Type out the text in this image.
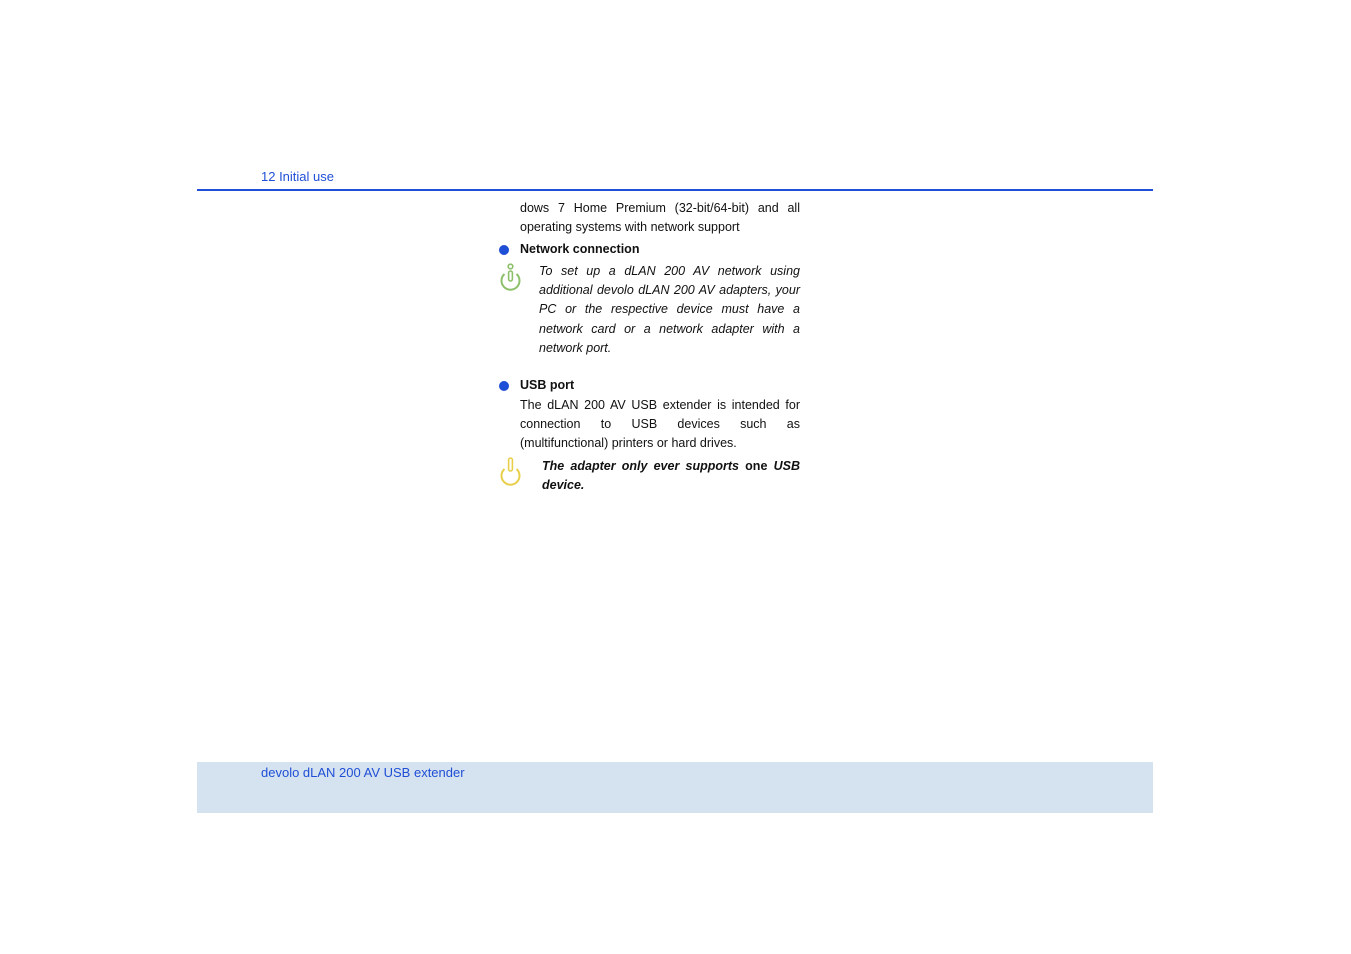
12 Initial use
dows 7 Home Premium (32-bit/64-bit) and all operating systems with network support
Network connection
To set up a dLAN 200 AV network using additional devolo dLAN 200 AV adapters, your PC or the respective device must have a network card or a network adapter with a network port.
USB port
The dLAN 200 AV USB extender is intended for connection to USB devices such as (multifunctional) printers or hard drives.
The adapter only ever supports one USB device.
devolo dLAN 200 AV USB extender
